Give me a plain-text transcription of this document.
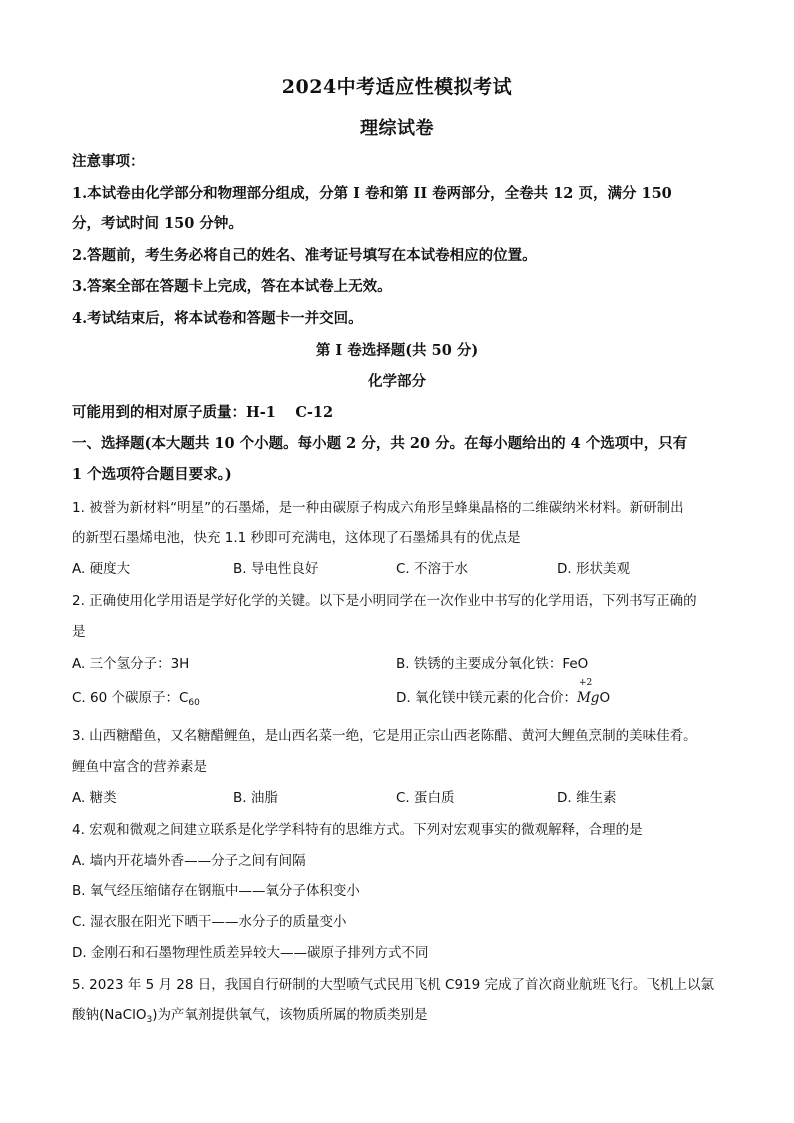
2024中考适应性模拟考试
理综试卷
注意事项：
1.本试卷由化学部分和物理部分组成，分第 I 卷和第 II 卷两部分，全卷共 12 页，满分 150
分，考试时间 150 分钟。
2.答题前，考生务必将自己的姓名、准考证号填写在本试卷相应的位置。
3.答案全部在答题卡上完成，答在本试卷上无效。
4.考试结束后，将本试卷和答题卡一并交回。
第 I 卷选择题(共 50 分)
化学部分
可能用到的相对原子质量：H-1　 C-12
一、选择题(本大题共 10 个小题。每小题 2 分，共 20 分。在每小题给出的 4 个选项中，只有
1 个选项符合题目要求。)
1. 被誉为新材料“明星”的石墨烯，是一种由碳原子构成六角形呈蜂巢晶格的二维碳纳米材料。新研制出
的新型石墨烯电池，快充 1.1 秒即可充满电，这体现了石墨烯具有的优点是
A. 硬度大	B. 导电性良好	C. 不溶于水	D. 形状美观
2. 正确使用化学用语是学好化学的关键。以下是小明同学在一次作业中书写的化学用语，下列书写正确的
是
A. 三个氢分子：3H	B. 铁锈的主要成分氧化铁：FeO
C. 60 个碳原子：$C_{60}$	D. 氧化镁中镁元素的化合价：
+2
MgO
3. 山西糖醋鱼，又名糖醋鲤鱼，是山西名菜一绝，它是用正宗山西老陈醋、黄河大鲤鱼烹制的美味佳肴。
鲤鱼中富含的营养素是
A. 糖类	B. 油脂	C. 蛋白质	D. 维生素
4. 宏观和微观之间建立联系是化学学科特有的思维方式。下列对宏观事实的微观解释，合理的是
A. 墙内开花墙外香——分子之间有间隔
B. 氧气经压缩储存在钢瓶中——氧分子体积变小
C. 湿衣服在阳光下晒干——水分子的质量变小
D. 金刚石和石墨物理性质差异较大——碳原子排列方式不同
5. 2023 年 5 月 28 日，我国自行研制的大型喷气式民用飞机 C919 完成了首次商业航班飞行。飞机上以氯
酸钠(NaClO$_3$)为产氧剂提供氧气，该物质所属的物质类别是
